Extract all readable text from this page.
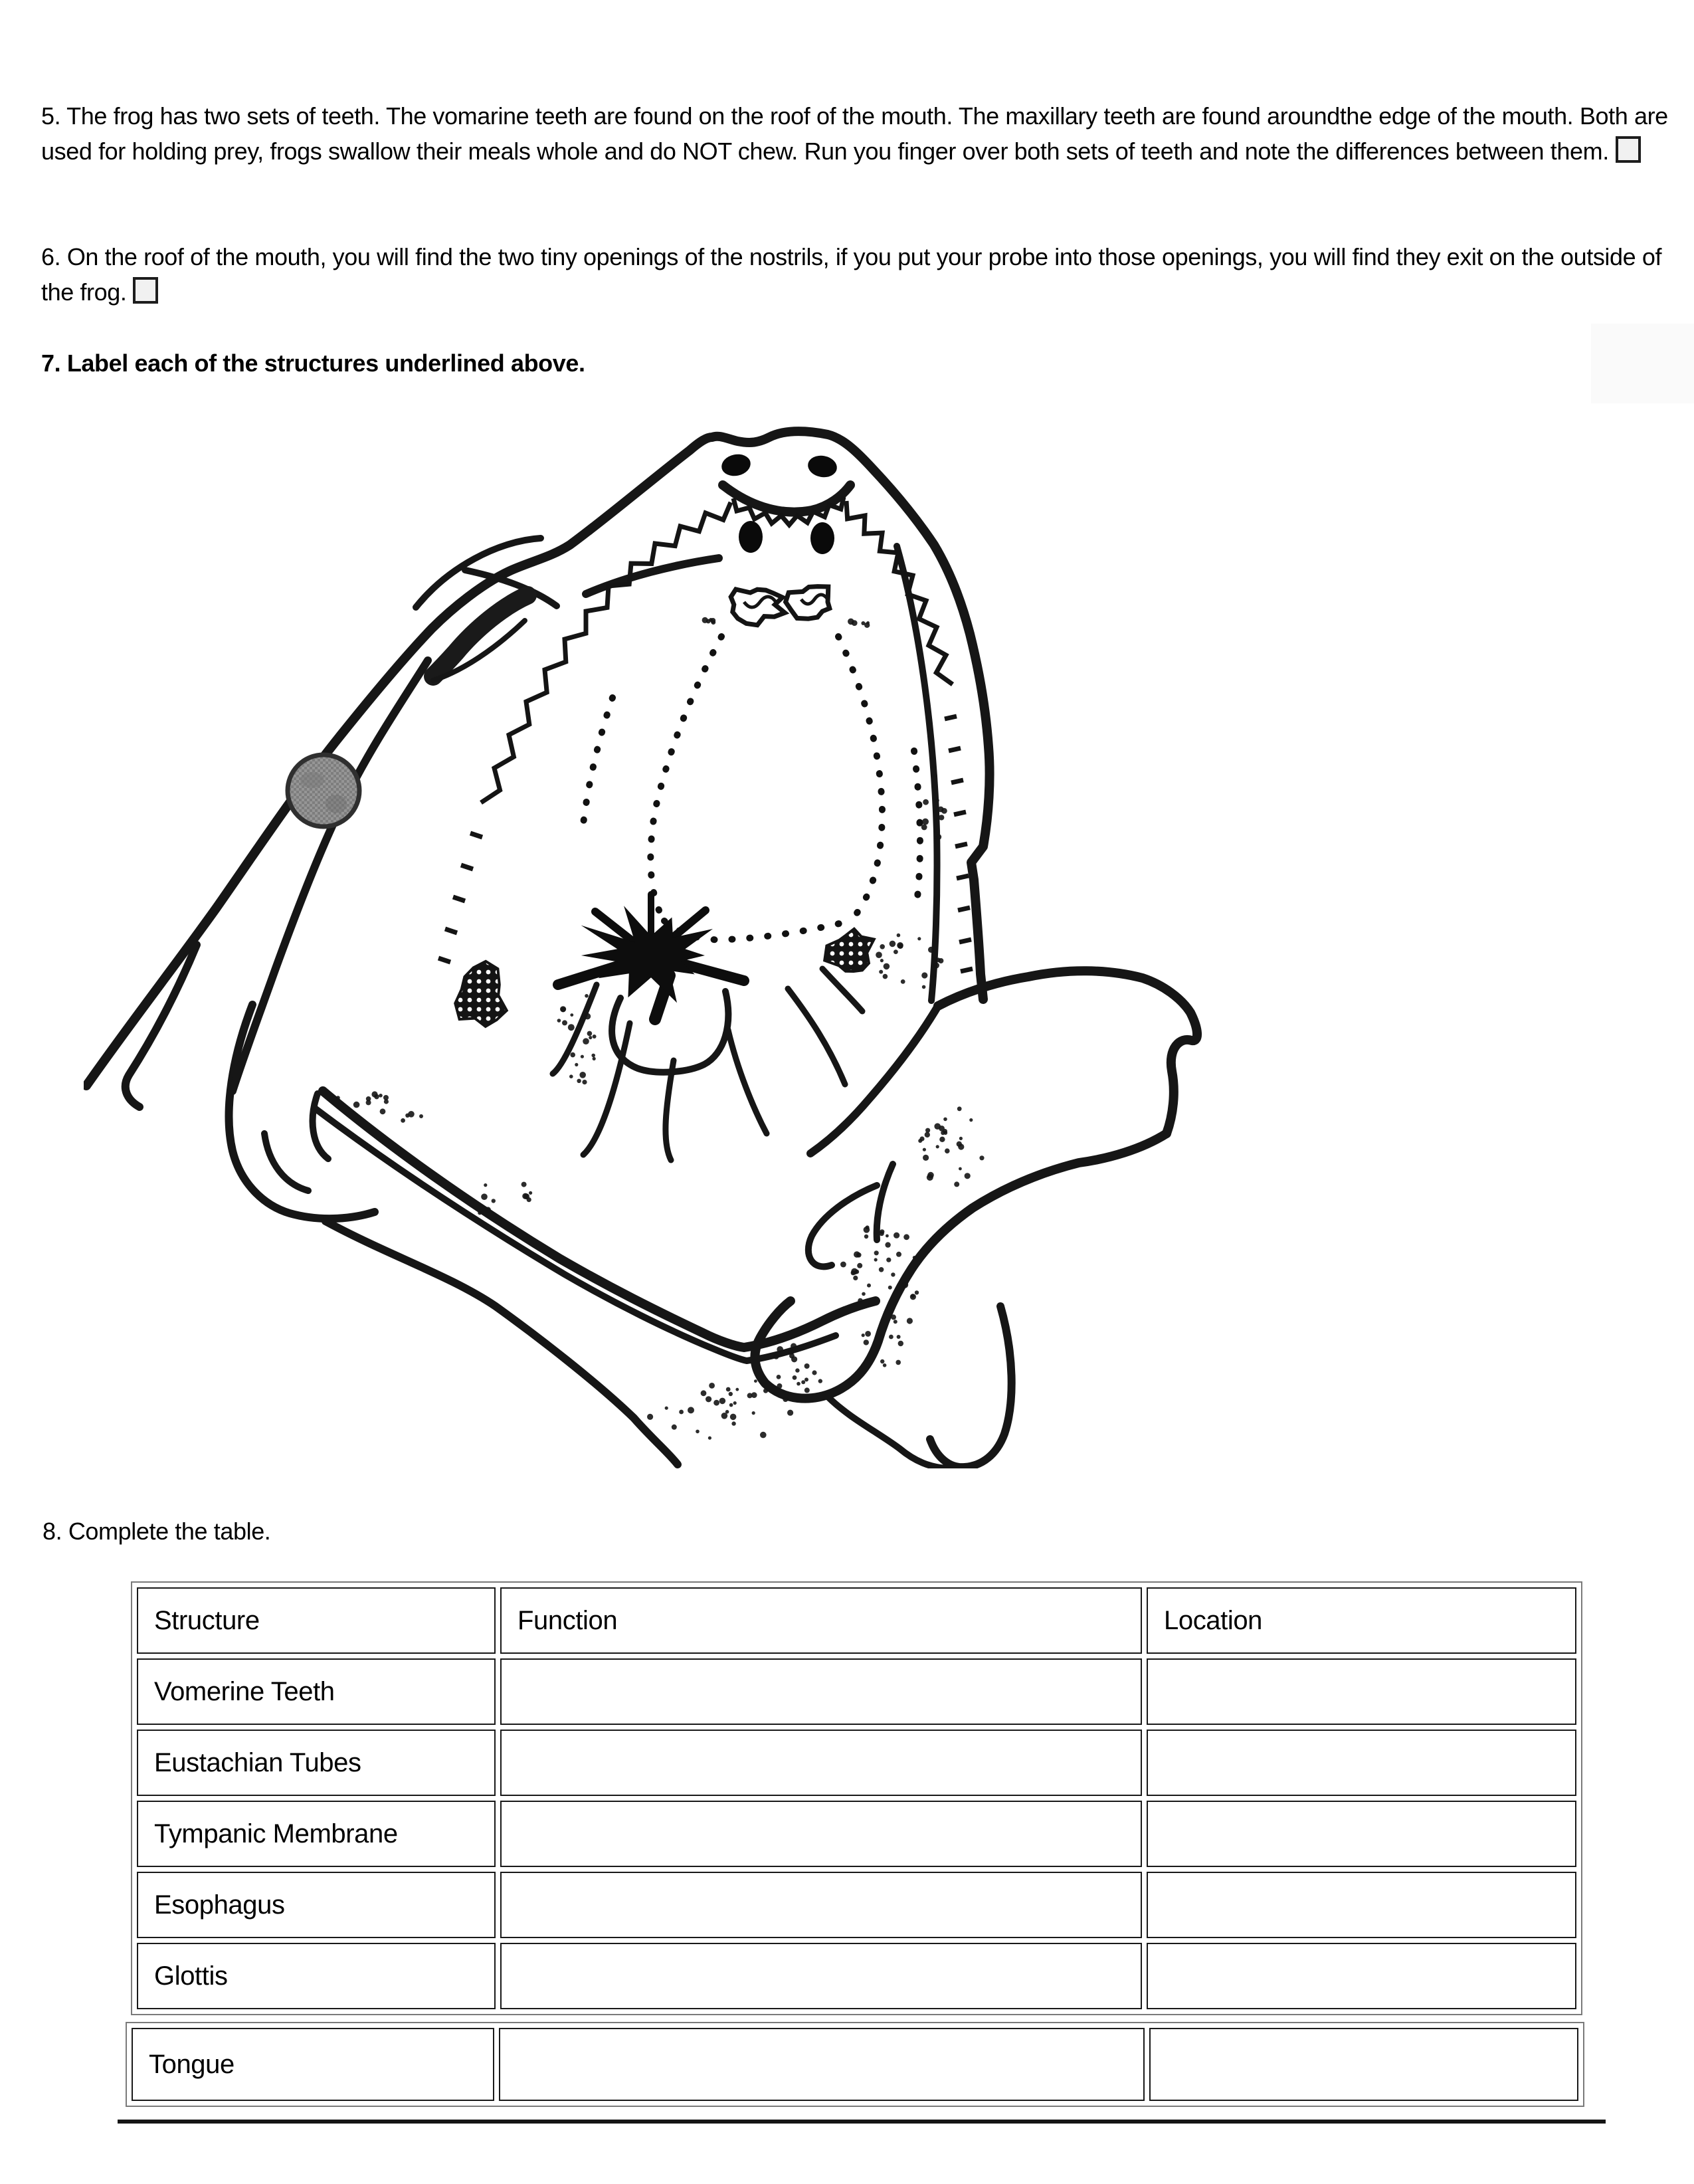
5. The frog has two sets of teeth. The vomarine teeth are found on the roof of the mouth. The maxillary teeth are found aroundthe edge of the mouth. Both are used for holding prey, frogs swallow their meals whole and do NOT chew. Run you finger over both sets of teeth and note the differences between them.

6. On the roof of the mouth, you will find the two tiny openings of the nostrils, if you put your probe into those openings, you will find they exit on the outside of the frog.

7. Label each of the structures underlined above.

8. Complete the table.

Structure	Function	Location
Vomerine Teeth		
Eustachian Tubes		
Tympanic Membrane		
Esophagus		
Glottis		
Tongue		
